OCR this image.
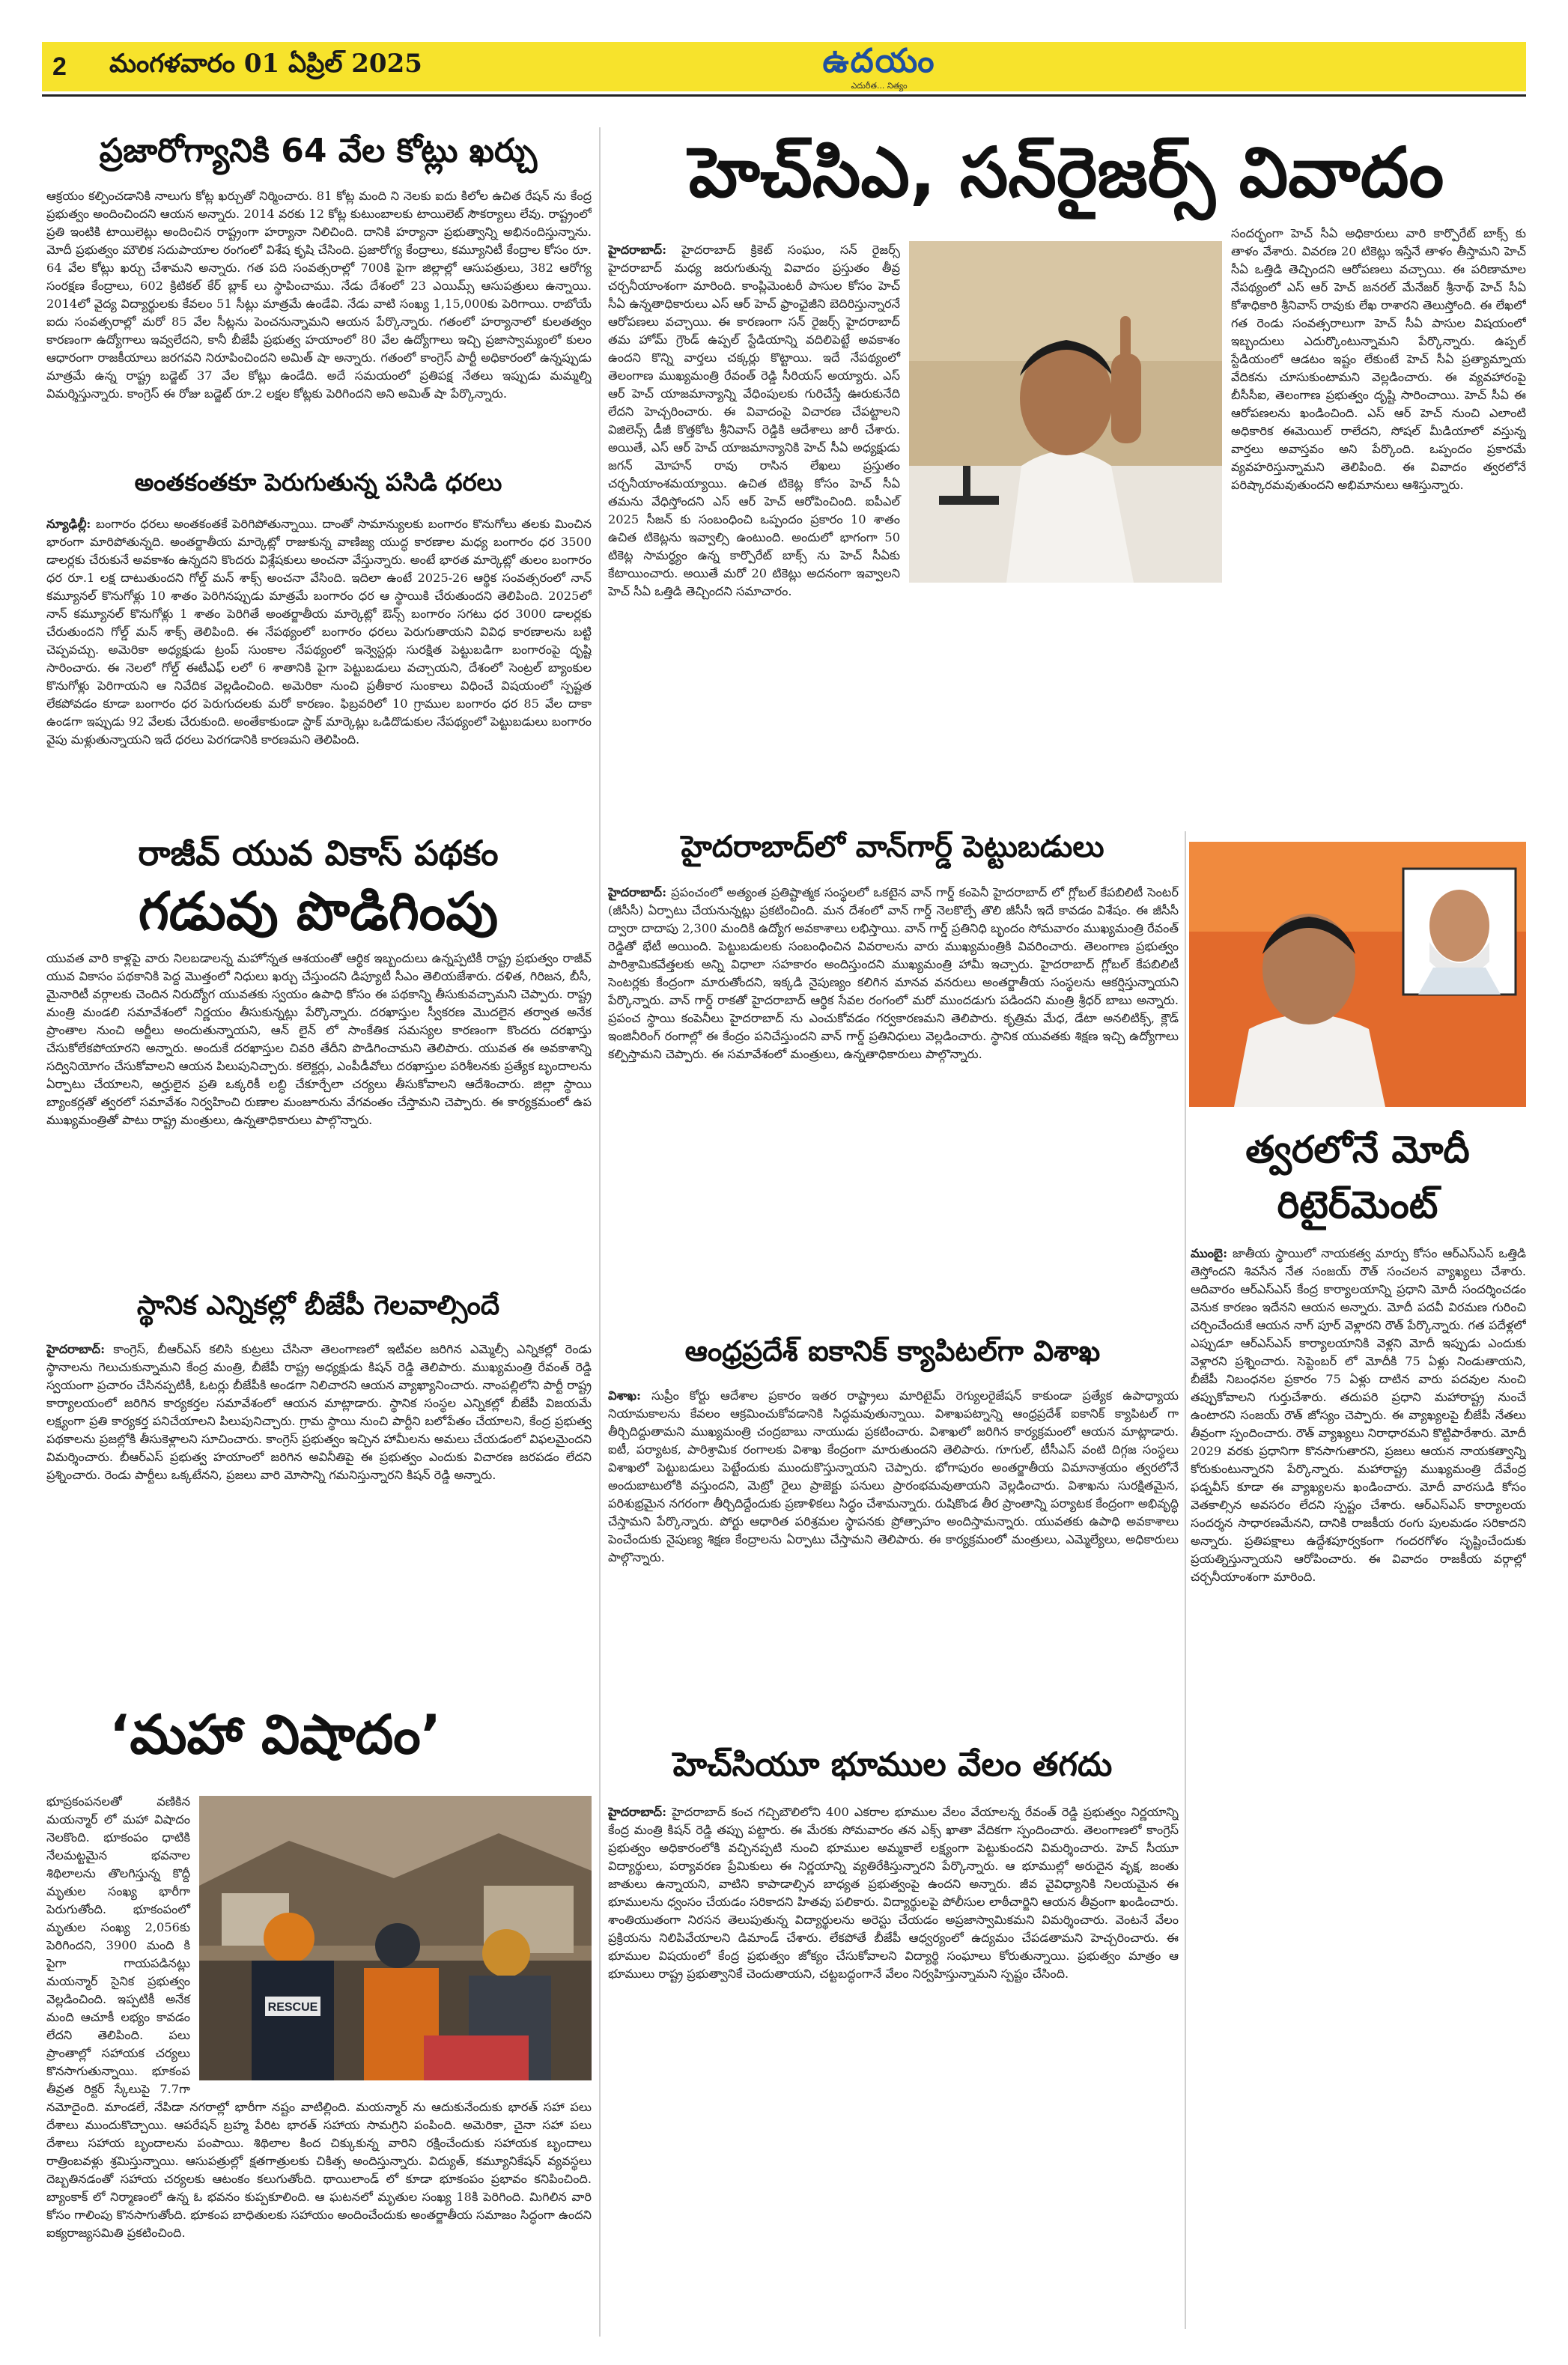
2	మంగళవారం 01 ఏప్రిల్ 2025	ఉదయం
ఎదురీత... నిత్యం
ప్రజారోగ్యానికి 64 వేల కోట్లు ఖర్చు
ఆక్రయం కల్పించడానికి నాలుగు కోట్ల ఖర్చుతో నిర్మించారు. 81 కోట్ల మంది ని నెలకు ఐదు కిలోల ఉచిత రేషన్ ను కేంద్ర ప్రభుత్వం అందించిందని ఆయన అన్నారు. 2014 వరకు 12 కోట్ల కుటుంబాలకు టాయిలెట్ సౌకర్యాలు లేవు. రాష్ట్రంలో ప్రతి ఇంటికి టాయిలెట్లు అందించిన రాష్ట్రంగా హర్యానా నిలిచింది. దానికి హర్యానా ప్రభుత్వాన్ని అభినందిస్తున్నాను. మోదీ ప్రభుత్వం మౌలిక సదుపాయాల రంగంలో విశేష కృషి చేసింది. ప్రజారోగ్య కేంద్రాలు, కమ్యూనిటీ కేంద్రాల కోసం రూ. 64 వేల కోట్లు ఖర్చు చేశామని అన్నారు. గత పది సంవత్సరాల్లో 700కి పైగా జిల్లాల్లో ఆసుపత్రులు, 382 ఆరోగ్య సంరక్షణ కేంద్రాలు, 602 క్రిటికల్ కేర్ బ్లాక్ లు స్థాపించాము. నేడు దేశంలో 23 ఎయిమ్స్ ఆసుపత్రులు ఉన్నాయి. 2014లో వైద్య విద్యార్థులకు కేవలం 51 సీట్లు మాత్రమే ఉండేవి. నేడు వాటి సంఖ్య 1,15,000కు పెరిగాయి. రాబోయే ఐదు సంవత్సరాల్లో మరో 85 వేల సీట్లను పెంచనున్నామని ఆయన పేర్కొన్నారు. గతంలో హర్యానాలో కులతత్వం కారణంగా ఉద్యోగాలు ఇవ్వలేదని, కానీ బీజేపీ ప్రభుత్వ హయాంలో 80 వేల ఉద్యోగాలు ఇచ్చి ప్రజాస్వామ్యంలో కులం ఆధారంగా రాజకీయాలు జరగవని నిరూపించిందని అమిత్ షా అన్నారు. గతంలో కాంగ్రెస్ పార్టీ అధికారంలో ఉన్నప్పుడు మాత్రమే ఉన్న రాష్ట్ర బడ్జెట్ 37 వేల కోట్లు ఉండేది. అదే సమయంలో ప్రతిపక్ష నేతలు ఇప్పుడు మమ్మల్ని విమర్శిస్తున్నారు. కాంగ్రెస్ ఈ రోజు బడ్జెట్ రూ.2 లక్షల కోట్లకు పెరిగిందని అని అమిత్ షా పేర్కొన్నారు.
అంతకంతకూ పెరుగుతున్న పసిడి ధరలు
న్యూఢిల్లీ: బంగారం ధరలు అంతకంతకే పెరిగిపోతున్నాయి. దాంతో సామాన్యులకు బంగారం కొనుగోలు తలకు మించిన భారంగా మారిపోతున్నది. అంతర్జాతీయ మార్కెట్లో రాజుకున్న వాణిజ్య యుద్ధ కారణాల మధ్య బంగారం ధర 3500 డాలర్లకు చేరుకునే అవకాశం ఉన్నదని కొందరు విశ్లేషకులు అంచనా వేస్తున్నారు. అంటే భారత మార్కెట్లో తులం బంగారం ధర రూ.1 లక్ష దాటుతుందని గోల్డ్ మన్ శాక్స్ అంచనా వేసింది. ఇదిలా ఉంటే 2025-26 ఆర్థిక సంవత్సరంలో నాన్ కమ్యూనల్ కొనుగోళ్లు 10 శాతం పెరిగినప్పుడు మాత్రమే బంగారం ధర ఆ స్థాయికి చేరుతుందని తెలిపింది. 2025లో నాన్ కమ్యూనల్ కొనుగోళ్లు 1 శాతం పెరిగితే అంతర్జాతీయ మార్కెట్లో ఔన్స్ బంగారం సగటు ధర 3000 డాలర్లకు చేరుతుందని గోల్డ్ మన్ శాక్స్ తెలిపింది. ఈ నేపథ్యంలో బంగారం ధరలు పెరుగుతాయని వివిధ కారణాలను బట్టి చెప్పవచ్చు. అమెరికా అధ్యక్షుడు ట్రంప్ సుంకాల నేపథ్యంలో ఇన్వెస్టర్లు సురక్షిత పెట్టుబడిగా బంగారంపై దృష్టి సారించారు. ఈ నెలలో గోల్డ్ ఈటీఎఫ్ లలో 6 శాతానికి పైగా పెట్టుబడులు వచ్చాయని, దేశంలో సెంట్రల్ బ్యాంకుల కొనుగోళ్లు పెరిగాయని ఆ నివేదిక వెల్లడించింది. అమెరికా నుంచి ప్రతీకార సుంకాలు విధించే విషయంలో స్పష్టత లేకపోవడం కూడా బంగారం ధర పెరుగుదలకు మరో కారణం. ఫిబ్రవరిలో 10 గ్రాముల బంగారం ధర 85 వేల దాకా ఉండగా ఇప్పుడు 92 వేలకు చేరుకుంది. అంతేకాకుండా స్టాక్ మార్కెట్లు ఒడిదొడుకుల నేపథ్యంలో పెట్టుబడులు బంగారం వైపు మళ్లుతున్నాయని ఇదే ధరలు పెరగడానికి కారణమని తెలిపింది.
రాజీవ్ యువ వికాస్ పథకం
గడువు పొడిగింపు
యువత వారి కాళ్లపై వారు నిలబడాలన్న మహోన్నత ఆశయంతో ఆర్థిక ఇబ్బందులు ఉన్నప్పటికీ రాష్ట్ర ప్రభుత్వం రాజీవ్ యువ వికాసం పథకానికి పెద్ద మొత్తంలో నిధులు ఖర్చు చేస్తుందని డిప్యూటీ సీఎం తెలియజేశారు. దళిత, గిరిజన, బీసీ, మైనారిటీ వర్గాలకు చెందిన నిరుద్యోగ యువతకు స్వయం ఉపాధి కోసం ఈ పథకాన్ని తీసుకువచ్చామని చెప్పారు. రాష్ట్ర మంత్రి మండలి సమావేశంలో నిర్ణయం తీసుకున్నట్లు పేర్కొన్నారు. దరఖాస్తుల స్వీకరణ మొదలైన తర్వాత అనేక ప్రాంతాల నుంచి అర్జీలు అందుతున్నాయని, ఆన్ లైన్ లో సాంకేతిక సమస్యల కారణంగా కొందరు దరఖాస్తు చేసుకోలేకపోయారని అన్నారు. అందుకే దరఖాస్తుల చివరి తేదీని పొడిగించామని తెలిపారు. యువత ఈ అవకాశాన్ని సద్వినియోగం చేసుకోవాలని ఆయన పిలుపునిచ్చారు. కలెక్టర్లు, ఎంపీడీవోలు దరఖాస్తుల పరిశీలనకు ప్రత్యేక బృందాలను ఏర్పాటు చేయాలని, అర్హులైన ప్రతి ఒక్కరికీ లబ్ధి చేకూర్చేలా చర్యలు తీసుకోవాలని ఆదేశించారు. జిల్లా స్థాయి బ్యాంకర్లతో త్వరలో సమావేశం నిర్వహించి రుణాల మంజూరును వేగవంతం చేస్తామని చెప్పారు. ఈ కార్యక్రమంలో ఉప ముఖ్యమంత్రితో పాటు రాష్ట్ర మంత్రులు, ఉన్నతాధికారులు పాల్గొన్నారు.
స్థానిక ఎన్నికల్లో బీజేపీ గెలవాల్సిందే
హైదరాబాద్: కాంగ్రెస్, బీఆర్ఎస్ కలిసి కుట్రలు చేసినా తెలంగాణలో ఇటీవల జరిగిన ఎమ్మెల్సీ ఎన్నికల్లో రెండు స్థానాలను గెలుచుకున్నామని కేంద్ర మంత్రి, బీజేపీ రాష్ట్ర అధ్యక్షుడు కిషన్ రెడ్డి తెలిపారు. ముఖ్యమంత్రి రేవంత్ రెడ్డి స్వయంగా ప్రచారం చేసినప్పటికీ, ఓటర్లు బీజేపీకి అండగా నిలిచారని ఆయన వ్యాఖ్యానించారు. నాంపల్లిలోని పార్టీ రాష్ట్ర కార్యాలయంలో జరిగిన కార్యకర్తల సమావేశంలో ఆయన మాట్లాడారు. స్థానిక సంస్థల ఎన్నికల్లో బీజేపీ విజయమే లక్ష్యంగా ప్రతి కార్యకర్త పనిచేయాలని పిలుపునిచ్చారు. గ్రామ స్థాయి నుంచి పార్టీని బలోపేతం చేయాలని, కేంద్ర ప్రభుత్వ పథకాలను ప్రజల్లోకి తీసుకెళ్లాలని సూచించారు. కాంగ్రెస్ ప్రభుత్వం ఇచ్చిన హామీలను అమలు చేయడంలో విఫలమైందని విమర్శించారు. బీఆర్ఎస్ ప్రభుత్వ హయాంలో జరిగిన అవినీతిపై ఈ ప్రభుత్వం ఎందుకు విచారణ జరపడం లేదని ప్రశ్నించారు. రెండు పార్టీలు ఒక్కటేనని, ప్రజలు వారి మోసాన్ని గమనిస్తున్నారని కిషన్ రెడ్డి అన్నారు.
‘మహా విషాదం’
RESCUE
భూప్రకంపనలతో వణికిన మయన్మార్ లో మహా విషాదం నెలకొంది. భూకంపం ధాటికి నేలమట్టమైన భవనాల శిథిలాలను తొలగిస్తున్న కొద్దీ మృతుల సంఖ్య భారీగా పెరుగుతోంది. భూకంపంలో మృతుల సంఖ్య 2,056కు పెరిగిందని, 3900 మంది కి పైగా గాయపడినట్లు మయన్మార్ సైనిక ప్రభుత్వం వెల్లడించింది. ఇప్పటికీ అనేక మంది ఆచూకీ లభ్యం కావడం లేదని తెలిపింది. పలు ప్రాంతాల్లో సహాయక చర్యలు కొనసాగుతున్నాయి. భూకంప తీవ్రత రిక్టర్ స్కేలుపై 7.7గా నమోదైంది. మాండలే, నేపిడా నగరాల్లో భారీగా నష్టం వాటిల్లింది. మయన్మార్ ను ఆదుకునేందుకు భారత్ సహా పలు దేశాలు ముందుకొచ్చాయి. ఆపరేషన్ బ్రహ్మ పేరిట భారత్ సహాయ సామగ్రిని పంపింది. అమెరికా, చైనా సహా పలు దేశాలు సహాయ బృందాలను పంపాయి. శిథిలాల కింద చిక్కుకున్న వారిని రక్షించేందుకు సహాయక బృందాలు రాత్రింబవళ్లు శ్రమిస్తున్నాయి. ఆసుపత్రుల్లో క్షతగాత్రులకు చికిత్స అందిస్తున్నారు. విద్యుత్, కమ్యూనికేషన్ వ్యవస్థలు దెబ్బతినడంతో సహాయ చర్యలకు ఆటంకం కలుగుతోంది. థాయిలాండ్ లో కూడా భూకంపం ప్రభావం కనిపించింది. బ్యాంకాక్ లో నిర్మాణంలో ఉన్న ఓ భవనం కుప్పకూలింది. ఆ ఘటనలో మృతుల సంఖ్య 18కి పెరిగింది. మిగిలిన వారి కోసం గాలింపు కొనసాగుతోంది. భూకంప బాధితులకు సహాయం అందించేందుకు అంతర్జాతీయ సమాజం సిద్ధంగా ఉందని ఐక్యరాజ్యసమితి ప్రకటించింది.
హెచ్‌సిఎ, సన్‌రైజర్స్ వివాదం
హైదరాబాద్: హైదరాబాద్ క్రికెట్ సంఘం, సన్ రైజర్స్ హైదరాబాద్ మధ్య జరుగుతున్న వివాదం ప్రస్తుతం తీవ్ర చర్చనీయాంశంగా మారింది. కాంప్లిమెంటరీ పాసుల కోసం హెచ్ సీఏ ఉన్నతాధికారులు ఎస్ ఆర్ హెచ్ ఫ్రాంఛైజీని బెదిరిస్తున్నారనే ఆరోపణలు వచ్చాయి. ఈ కారణంగా సన్ రైజర్స్ హైదరాబాద్ తమ హోమ్ గ్రౌండ్ ఉప్పల్ స్టేడియాన్ని వదిలిపెట్టే అవకాశం ఉందని కొన్ని వార్తలు చక్కర్లు కొట్టాయి. ఇదే నేపథ్యంలో తెలంగాణ ముఖ్యమంత్రి రేవంత్ రెడ్డి సీరియస్ అయ్యారు. ఎస్ ఆర్ హెచ్ యాజమాన్యాన్ని వేధింపులకు గురిచేస్తే ఊరుకునేది లేదని హెచ్చరించారు. ఈ వివాదంపై విచారణ చేపట్టాలని విజిలెన్స్ డీజీ కొత్తకోట శ్రీనివాస్ రెడ్డికి ఆదేశాలు జారీ చేశారు. అయితే, ఎస్ ఆర్ హెచ్ యాజమాన్యానికి హెచ్ సీఏ అధ్యక్షుడు జగన్ మోహన్ రావు రాసిన లేఖలు ప్రస్తుతం చర్చనీయాంశమయ్యాయి. ఉచిత టికెట్ల కోసం హెచ్ సీఏ తమను వేధిస్తోందని ఎస్ ఆర్ హెచ్ ఆరోపించింది. ఐపీఎల్ 2025 సీజన్ కు సంబంధించి ఒప్పందం ప్రకారం 10 శాతం ఉచిత టికెట్లను ఇవ్వాల్సి ఉంటుంది. అందులో భాగంగా 50 టికెట్ల సామర్థ్యం ఉన్న కార్పొరేట్ బాక్స్ ను హెచ్ సీఏకు కేటాయించారు. అయితే మరో 20 టికెట్లు అదనంగా ఇవ్వాలని హెచ్ సీఏ ఒత్తిడి తెచ్చిందని సమాచారం.
సందర్భంగా హెచ్ సీఏ అధికారులు వారి కార్పొరేట్ బాక్స్ కు తాళం వేశారు. వివరణ 20 టికెట్లు ఇస్తేనే తాళం తీస్తామని హెచ్ సీఏ ఒత్తిడి తెచ్చిందని ఆరోపణలు వచ్చాయి. ఈ పరిణామాల నేపథ్యంలో ఎస్ ఆర్ హెచ్ జనరల్ మేనేజర్ శ్రీనాథ్ హెచ్ సీఏ కోశాధికారి శ్రీనివాస్ రావుకు లేఖ రాశారని తెలుస్తోంది. ఈ లేఖలో గత రెండు సంవత్సరాలుగా హెచ్ సీఏ పాసుల విషయంలో ఇబ్బందులు ఎదుర్కొంటున్నామని పేర్కొన్నారు. ఉప్పల్ స్టేడియంలో ఆడటం ఇష్టం లేకుంటే హెచ్ సీఏ ప్రత్యామ్నాయ వేదికను చూసుకుంటామని వెల్లడించారు. ఈ వ్యవహారంపై బీసీసీఐ, తెలంగాణ ప్రభుత్వం దృష్టి సారించాయి. హెచ్ సీఏ ఈ ఆరోపణలను ఖండించింది. ఎస్ ఆర్ హెచ్ నుంచి ఎలాంటి అధికారిక ఈమెయిల్ రాలేదని, సోషల్ మీడియాలో వస్తున్న వార్తలు అవాస్తవం అని పేర్కొంది. ఒప్పందం ప్రకారమే వ్యవహరిస్తున్నామని తెలిపింది. ఈ వివాదం త్వరలోనే పరిష్కారమవుతుందని అభిమానులు ఆశిస్తున్నారు.
హైదరాబాద్‌లో వాన్‌గార్డ్ పెట్టుబడులు
హైదరాబాద్: ప్రపంచంలో అత్యంత ప్రతిష్టాత్మక సంస్థలలో ఒకటైన వాన్ గార్డ్ కంపెనీ హైదరాబాద్ లో గ్లోబల్ కేపబిలిటీ సెంటర్ (జీసీసీ) ఏర్పాటు చేయనున్నట్లు ప్రకటించింది. మన దేశంలో వాన్ గార్డ్ నెలకొల్పే తొలి జీసీసీ ఇదే కావడం విశేషం. ఈ జీసీసీ ద్వారా దాదాపు 2,300 మందికి ఉద్యోగ అవకాశాలు లభిస్తాయి. వాన్ గార్డ్ ప్రతినిధి బృందం సోమవారం ముఖ్యమంత్రి రేవంత్ రెడ్డితో భేటీ అయింది. పెట్టుబడులకు సంబంధించిన వివరాలను వారు ముఖ్యమంత్రికి వివరించారు. తెలంగాణ ప్రభుత్వం పారిశ్రామికవేత్తలకు అన్ని విధాలా సహకారం అందిస్తుందని ముఖ్యమంత్రి హామీ ఇచ్చారు. హైదరాబాద్ గ్లోబల్ కేపబిలిటీ సెంటర్లకు కేంద్రంగా మారుతోందని, ఇక్కడి నైపుణ్యం కలిగిన మానవ వనరులు అంతర్జాతీయ సంస్థలను ఆకర్షిస్తున్నాయని పేర్కొన్నారు. వాన్ గార్డ్ రాకతో హైదరాబాద్ ఆర్థిక సేవల రంగంలో మరో ముందడుగు పడిందని మంత్రి శ్రీధర్ బాబు అన్నారు. ప్రపంచ స్థాయి కంపెనీలు హైదరాబాద్ ను ఎంచుకోవడం గర్వకారణమని తెలిపారు. కృత్రిమ మేధ, డేటా అనలిటిక్స్, క్లౌడ్ ఇంజినీరింగ్ రంగాల్లో ఈ కేంద్రం పనిచేస్తుందని వాన్ గార్డ్ ప్రతినిధులు వెల్లడించారు. స్థానిక యువతకు శిక్షణ ఇచ్చి ఉద్యోగాలు కల్పిస్తామని చెప్పారు. ఈ సమావేశంలో మంత్రులు, ఉన్నతాధికారులు పాల్గొన్నారు.
త్వరలోనే మోదీ
రిటైర్‌మెంట్
ముంబై: జాతీయ స్థాయిలో నాయకత్వ మార్పు కోసం ఆర్ఎస్ఎస్ ఒత్తిడి తెస్తోందని శివసేన నేత సంజయ్ రౌత్ సంచలన వ్యాఖ్యలు చేశారు. ఆదివారం ఆర్ఎస్ఎస్ కేంద్ర కార్యాలయాన్ని ప్రధాని మోదీ సందర్శించడం వెనుక కారణం ఇదేనని ఆయన అన్నారు. మోదీ పదవీ విరమణ గురించి చర్చించేందుకే ఆయన నాగ్ పూర్ వెళ్లారని రౌత్ పేర్కొన్నారు. గత పదేళ్లలో ఎప్పుడూ ఆర్ఎస్ఎస్ కార్యాలయానికి వెళ్లని మోదీ ఇప్పుడు ఎందుకు వెళ్లారని ప్రశ్నించారు. సెప్టెంబర్ లో మోదీకి 75 ఏళ్లు నిండుతాయని, బీజేపీ నిబంధనల ప్రకారం 75 ఏళ్లు దాటిన వారు పదవుల నుంచి తప్పుకోవాలని గుర్తుచేశారు. తదుపరి ప్రధాని మహారాష్ట్ర నుంచే ఉంటారని సంజయ్ రౌత్ జోస్యం చెప్పారు. ఈ వ్యాఖ్యలపై బీజేపీ నేతలు తీవ్రంగా స్పందించారు. రౌత్ వ్యాఖ్యలు నిరాధారమని కొట్టిపారేశారు. మోదీ 2029 వరకు ప్రధానిగా కొనసాగుతారని, ప్రజలు ఆయన నాయకత్వాన్ని కోరుకుంటున్నారని పేర్కొన్నారు. మహారాష్ట్ర ముఖ్యమంత్రి దేవేంద్ర ఫడ్నవీస్ కూడా ఈ వ్యాఖ్యలను ఖండించారు. మోదీ వారసుడి కోసం వెతకాల్సిన అవసరం లేదని స్పష్టం చేశారు. ఆర్ఎస్ఎస్ కార్యాలయ సందర్శన సాధారణమేనని, దానికి రాజకీయ రంగు పులమడం సరికాదని అన్నారు. ప్రతిపక్షాలు ఉద్దేశపూర్వకంగా గందరగోళం సృష్టించేందుకు ప్రయత్నిస్తున్నాయని ఆరోపించారు. ఈ వివాదం రాజకీయ వర్గాల్లో చర్చనీయాంశంగా మారింది.
ఆంధ్రప్రదేశ్ ఐకానిక్ క్యాపిటల్‌గా విశాఖ
విశాఖ: సుప్రీం కోర్టు ఆదేశాల ప్రకారం ఇతర రాష్ట్రాలు మారిటైమ్ రెగ్యులరైజేషన్ కాకుండా ప్రత్యేక ఉపాధ్యాయ నియామకాలను కేవలం ఆక్రమించుకోవడానికి సిద్ధమవుతున్నాయి. విశాఖపట్నాన్ని ఆంధ్రప్రదేశ్ ఐకానిక్ క్యాపిటల్ గా తీర్చిదిద్దుతామని ముఖ్యమంత్రి చంద్రబాబు నాయుడు ప్రకటించారు. విశాఖలో జరిగిన కార్యక్రమంలో ఆయన మాట్లాడారు. ఐటీ, పర్యాటక, పారిశ్రామిక రంగాలకు విశాఖ కేంద్రంగా మారుతుందని తెలిపారు. గూగుల్, టీసీఎస్ వంటి దిగ్గజ సంస్థలు విశాఖలో పెట్టుబడులు పెట్టేందుకు ముందుకొస్తున్నాయని చెప్పారు. భోగాపురం అంతర్జాతీయ విమానాశ్రయం త్వరలోనే అందుబాటులోకి వస్తుందని, మెట్రో రైలు ప్రాజెక్టు పనులు ప్రారంభమవుతాయని వెల్లడించారు. విశాఖను సురక్షితమైన, పరిశుభ్రమైన నగరంగా తీర్చిదిద్దేందుకు ప్రణాళికలు సిద్ధం చేశామన్నారు. రుషికొండ తీర ప్రాంతాన్ని పర్యాటక కేంద్రంగా అభివృద్ధి చేస్తామని పేర్కొన్నారు. పోర్టు ఆధారిత పరిశ్రమల స్థాపనకు ప్రోత్సాహం అందిస్తామన్నారు. యువతకు ఉపాధి అవకాశాలు పెంచేందుకు నైపుణ్య శిక్షణ కేంద్రాలను ఏర్పాటు చేస్తామని తెలిపారు. ఈ కార్యక్రమంలో మంత్రులు, ఎమ్మెల్యేలు, అధికారులు పాల్గొన్నారు.
హెచ్‌సియూ భూముల వేలం తగదు
హైదరాబాద్: హైదరాబాద్ కంచ గచ్చిబౌలిలోని 400 ఎకరాల భూముల వేలం వేయాలన్న రేవంత్ రెడ్డి ప్రభుత్వం నిర్ణయాన్ని కేంద్ర మంత్రి కిషన్ రెడ్డి తప్పు పట్టారు. ఈ మేరకు సోమవారం తన ఎక్స్ ఖాతా వేదికగా స్పందించారు. తెలంగాణలో కాంగ్రెస్ ప్రభుత్వం అధికారంలోకి వచ్చినప్పటి నుంచి భూముల అమ్మకాలే లక్ష్యంగా పెట్టుకుందని విమర్శించారు. హెచ్ సీయూ విద్యార్థులు, పర్యావరణ ప్రేమికులు ఈ నిర్ణయాన్ని వ్యతిరేకిస్తున్నారని పేర్కొన్నారు. ఆ భూముల్లో అరుదైన వృక్ష, జంతు జాతులు ఉన్నాయని, వాటిని కాపాడాల్సిన బాధ్యత ప్రభుత్వంపై ఉందని అన్నారు. జీవ వైవిధ్యానికి నిలయమైన ఈ భూములను ధ్వంసం చేయడం సరికాదని హితవు పలికారు. విద్యార్థులపై పోలీసుల లాఠీచార్జిని ఆయన తీవ్రంగా ఖండించారు. శాంతియుతంగా నిరసన తెలుపుతున్న విద్యార్థులను అరెస్టు చేయడం అప్రజాస్వామికమని విమర్శించారు. వెంటనే వేలం ప్రక్రియను నిలిపివేయాలని డిమాండ్ చేశారు. లేకపోతే బీజేపీ ఆధ్వర్యంలో ఉద్యమం చేపడతామని హెచ్చరించారు. ఈ భూముల విషయంలో కేంద్ర ప్రభుత్వం జోక్యం చేసుకోవాలని విద్యార్థి సంఘాలు కోరుతున్నాయి. ప్రభుత్వం మాత్రం ఆ భూములు రాష్ట్ర ప్రభుత్వానికే చెందుతాయని, చట్టబద్ధంగానే వేలం నిర్వహిస్తున్నామని స్పష్టం చేసింది.
